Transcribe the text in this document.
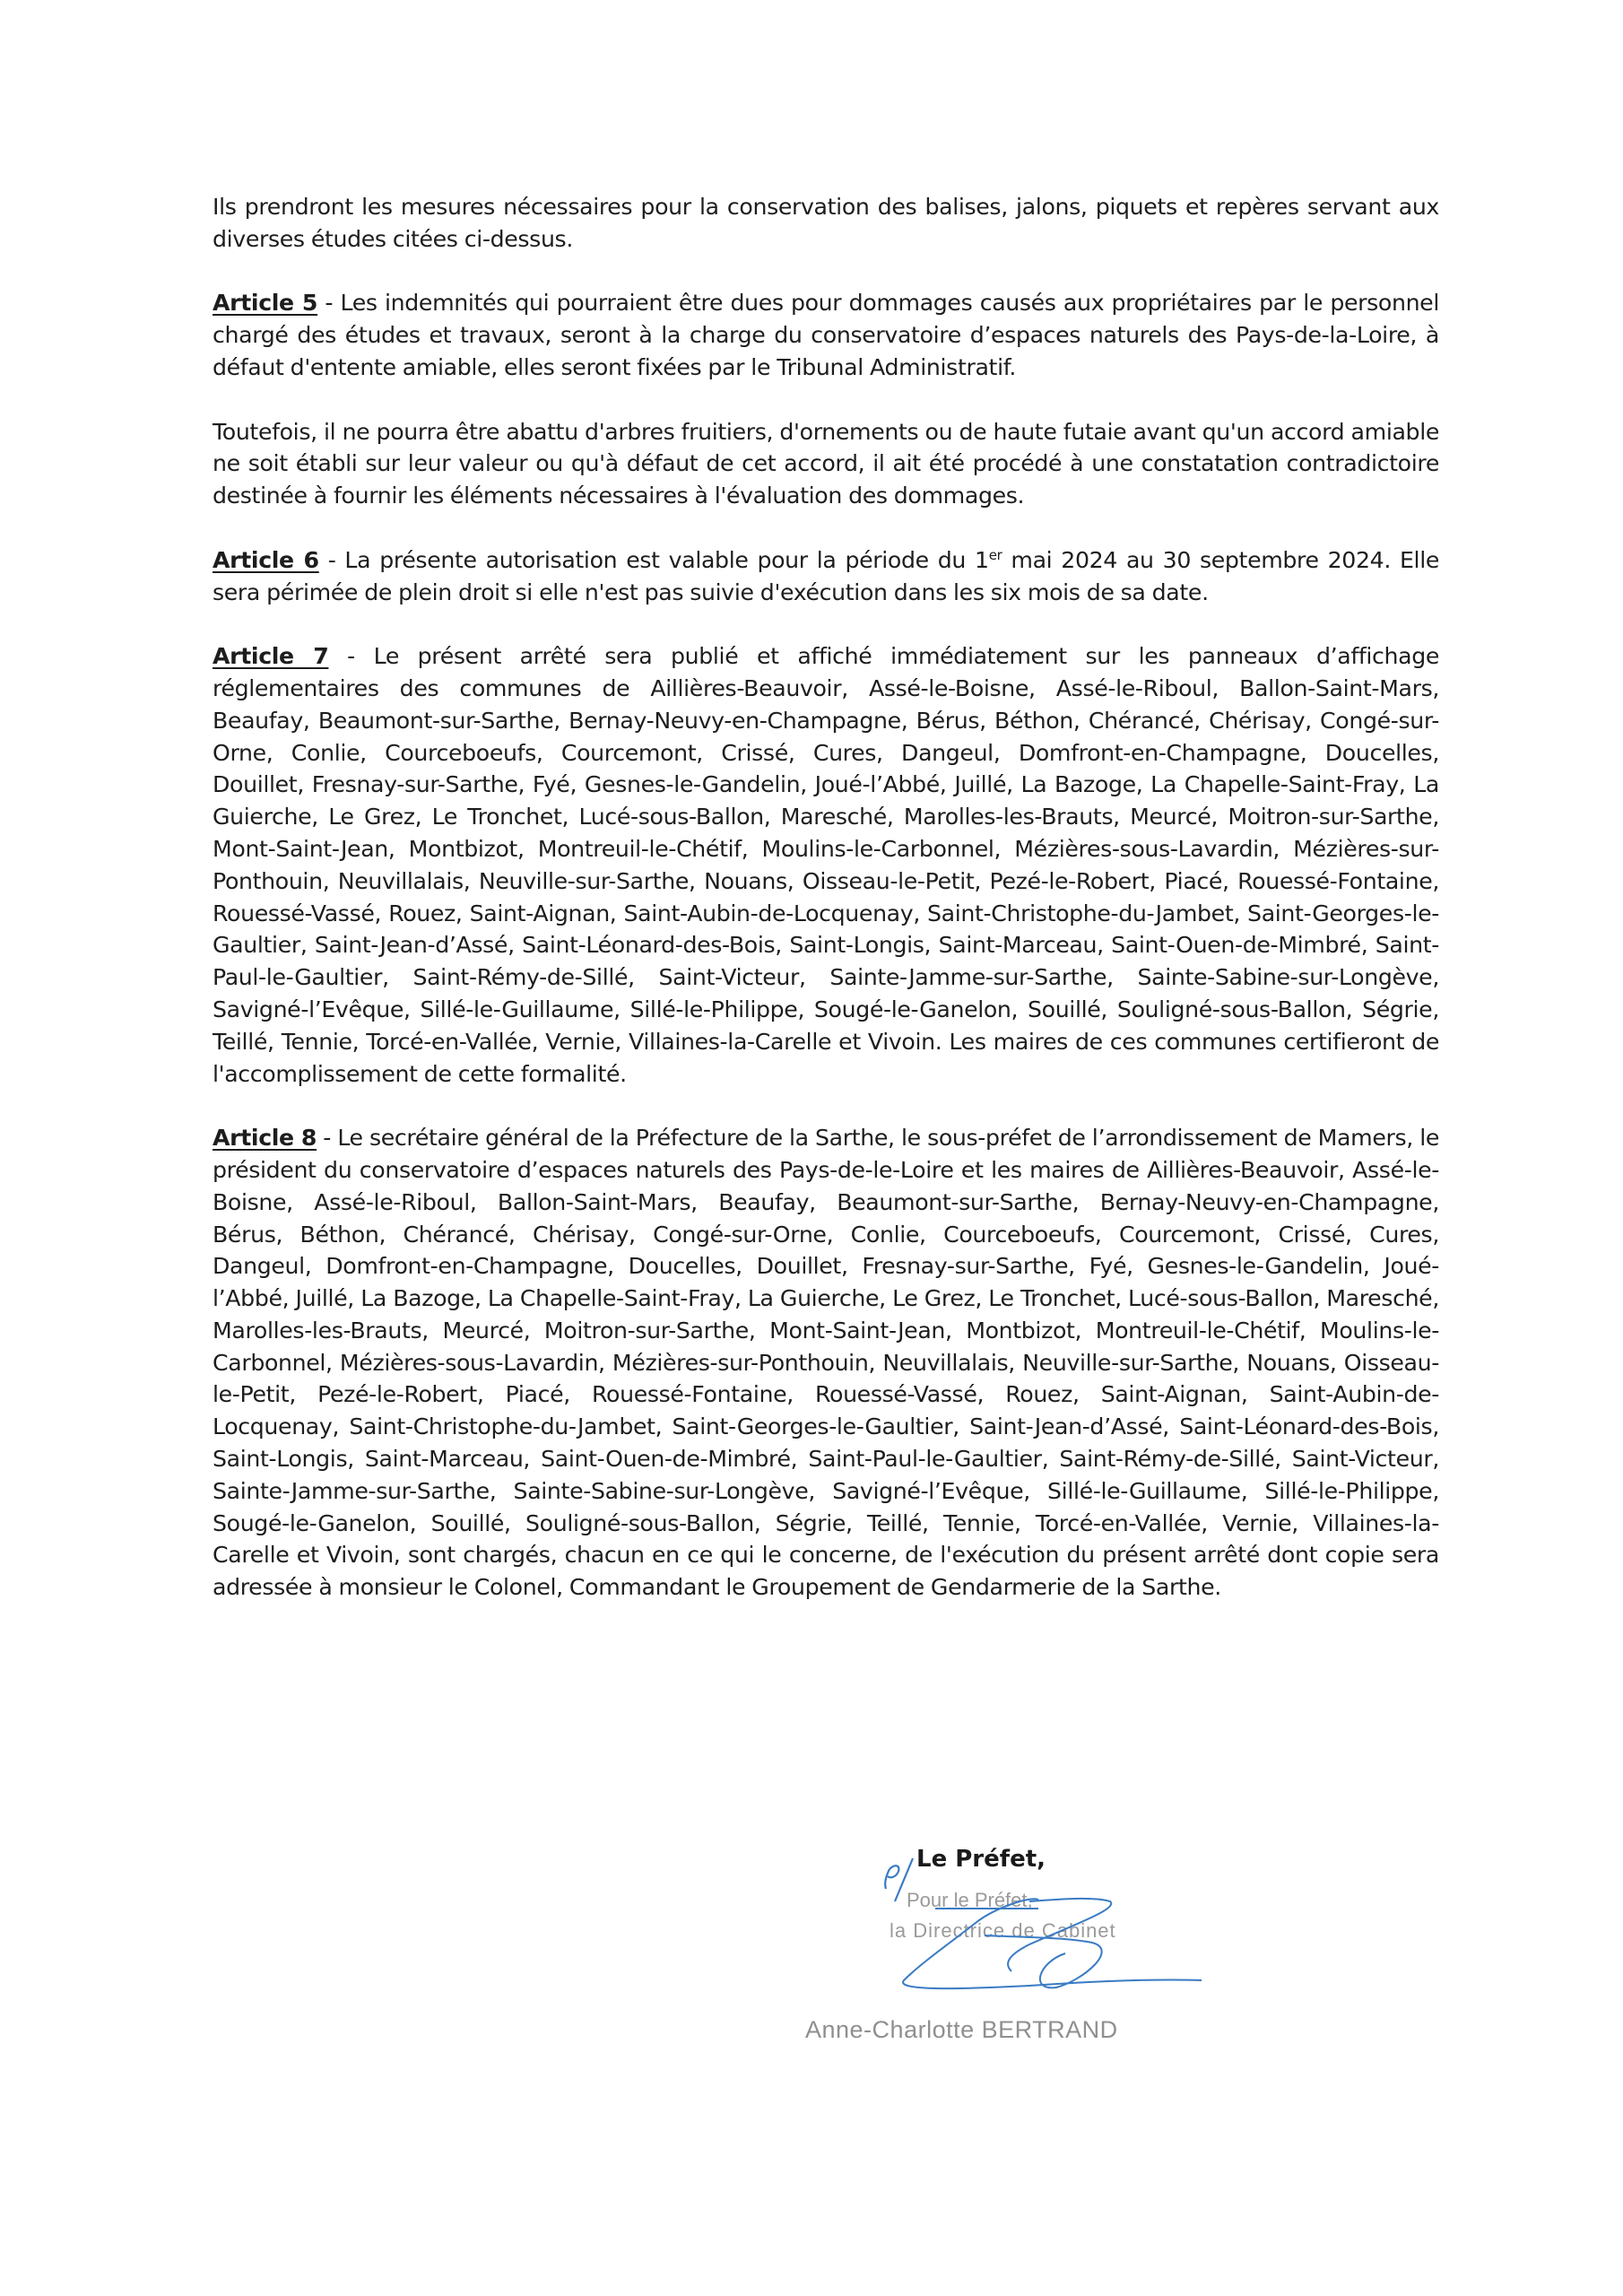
Ils prendront les mesures nécessaires pour la conservation des balises, jalons, piquets et repères servant aux diverses études citées ci-dessus.

Article 5 - Les indemnités qui pourraient être dues pour dommages causés aux propriétaires par le personnel chargé des études et travaux, seront à la charge du conservatoire d’espaces naturels des Pays-de-la-Loire, à défaut d'entente amiable, elles seront fixées par le Tribunal Administratif.

Toutefois, il ne pourra être abattu d'arbres fruitiers, d'ornements ou de haute futaie avant qu'un accord amiable ne soit établi sur leur valeur ou qu'à défaut de cet accord, il ait été procédé à une constatation contradictoire destinée à fournir les éléments nécessaires à l'évaluation des dommages.

Article 6 - La présente autorisation est valable pour la période du 1er mai 2024 au 30 septembre 2024. Elle sera périmée de plein droit si elle n'est pas suivie d'exécution dans les six mois de sa date.

Article 7 - Le présent arrêté sera publié et affiché immédiatement sur les panneaux d’affichage réglementaires des communes de Aillières-Beauvoir, Assé-le-Boisne, Assé-le-Riboul, Ballon-Saint-Mars, Beaufay, Beaumont-sur-Sarthe, Bernay-Neuvy-en-Champagne, Bérus, Béthon, Chérancé, Chérisay, Congé-sur-Orne, Conlie, Courceboeufs, Courcemont, Crissé, Cures, Dangeul, Domfront-en-Champagne, Doucelles, Douillet, Fresnay-sur-Sarthe, Fyé, Gesnes-le-Gandelin, Joué-l’Abbé, Juillé, La Bazoge, La Chapelle-Saint-Fray, La Guierche, Le Grez, Le Tronchet, Lucé-sous-Ballon, Maresché, Marolles-les-Brauts, Meurcé, Moitron-sur-Sarthe, Mont-Saint-Jean, Montbizot, Montreuil-le-Chétif, Moulins-le-Carbonnel, Mézières-sous-Lavardin, Mézières-sur-Ponthouin, Neuvillalais, Neuville-sur-Sarthe, Nouans, Oisseau-le-Petit, Pezé-le-Robert, Piacé, Rouessé-Fontaine, Rouessé-Vassé, Rouez, Saint-Aignan, Saint-Aubin-de-Locquenay, Saint-Christophe-du-Jambet, Saint-Georges-le-Gaultier, Saint-Jean-d’Assé, Saint-Léonard-des-Bois, Saint-Longis, Saint-Marceau, Saint-Ouen-de-Mimbré, Saint-Paul-le-Gaultier, Saint-Rémy-de-Sillé, Saint-Victeur, Sainte-Jamme-sur-Sarthe, Sainte-Sabine-sur-Longève, Savigné-l’Evêque, Sillé-le-Guillaume, Sillé-le-Philippe, Sougé-le-Ganelon, Souillé, Souligné-sous-Ballon, Ségrie, Teillé, Tennie, Torcé-en-Vallée, Vernie, Villaines-la-Carelle et Vivoin. Les maires de ces communes certifieront de l'accomplissement de cette formalité.

Article 8 - Le secrétaire général de la Préfecture de la Sarthe, le sous-préfet de l’arrondissement de Mamers, le président du conservatoire d’espaces naturels des Pays-de-le-Loire et les maires de Aillières-Beauvoir, Assé-le-Boisne, Assé-le-Riboul, Ballon-Saint-Mars, Beaufay, Beaumont-sur-Sarthe, Bernay-Neuvy-en-Champagne, Bérus, Béthon, Chérancé, Chérisay, Congé-sur-Orne, Conlie, Courceboeufs, Courcemont, Crissé, Cures, Dangeul, Domfront-en-Champagne, Doucelles, Douillet, Fresnay-sur-Sarthe, Fyé, Gesnes-le-Gandelin, Joué-l’Abbé, Juillé, La Bazoge, La Chapelle-Saint-Fray, La Guierche, Le Grez, Le Tronchet, Lucé-sous-Ballon, Maresché, Marolles-les-Brauts, Meurcé, Moitron-sur-Sarthe, Mont-Saint-Jean, Montbizot, Montreuil-le-Chétif, Moulins-le-Carbonnel, Mézières-sous-Lavardin, Mézières-sur-Ponthouin, Neuvillalais, Neuville-sur-Sarthe, Nouans, Oisseau-le-Petit, Pezé-le-Robert, Piacé, Rouessé-Fontaine, Rouessé-Vassé, Rouez, Saint-Aignan, Saint-Aubin-de-Locquenay, Saint-Christophe-du-Jambet, Saint-Georges-le-Gaultier, Saint-Jean-d’Assé, Saint-Léonard-des-Bois, Saint-Longis, Saint-Marceau, Saint-Ouen-de-Mimbré, Saint-Paul-le-Gaultier, Saint-Rémy-de-Sillé, Saint-Victeur, Sainte-Jamme-sur-Sarthe, Sainte-Sabine-sur-Longève, Savigné-l’Evêque, Sillé-le-Guillaume, Sillé-le-Philippe, Sougé-le-Ganelon, Souillé, Souligné-sous-Ballon, Ségrie, Teillé, Tennie, Torcé-en-Vallée, Vernie, Villaines-la-Carelle et Vivoin, sont chargés, chacun en ce qui le concerne, de l'exécution du présent arrêté dont copie sera adressée à monsieur le Colonel, Commandant le Groupement de Gendarmerie de la Sarthe.

Le Préfet,
Pour le Préfet,
la Directrice de Cabinet
Anne-Charlotte BERTRAND
